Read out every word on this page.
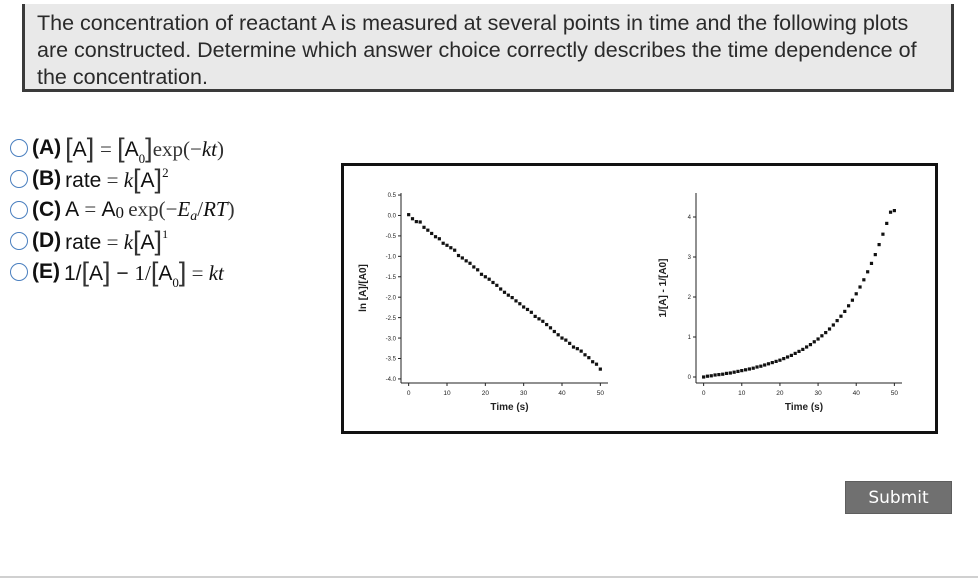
The concentration of reactant A is measured at several points in time and the following plots are constructed. Determine which answer choice correctly describes the time dependence of the concentration.
(A) $[A] = [A_0]\exp(-kt)$
(B) rate = $k[A]^2$
(C) A = A0  exp(−Ea/RT)
(D) rate = $k[A]^1$
(E) $1/[A] - 1/[A_0]$ = kt
0	10	20	30	40	50
0.5
0.0
-0.5
-1.0
-1.5
-2.0
-2.5
-3.0
-3.5
-4.0
Time (s)
ln [A]/[A0]
0	10	20	30	40	50
0
1
2
3
4
Time (s)
1/[A] - 1/[A0]
Submit
